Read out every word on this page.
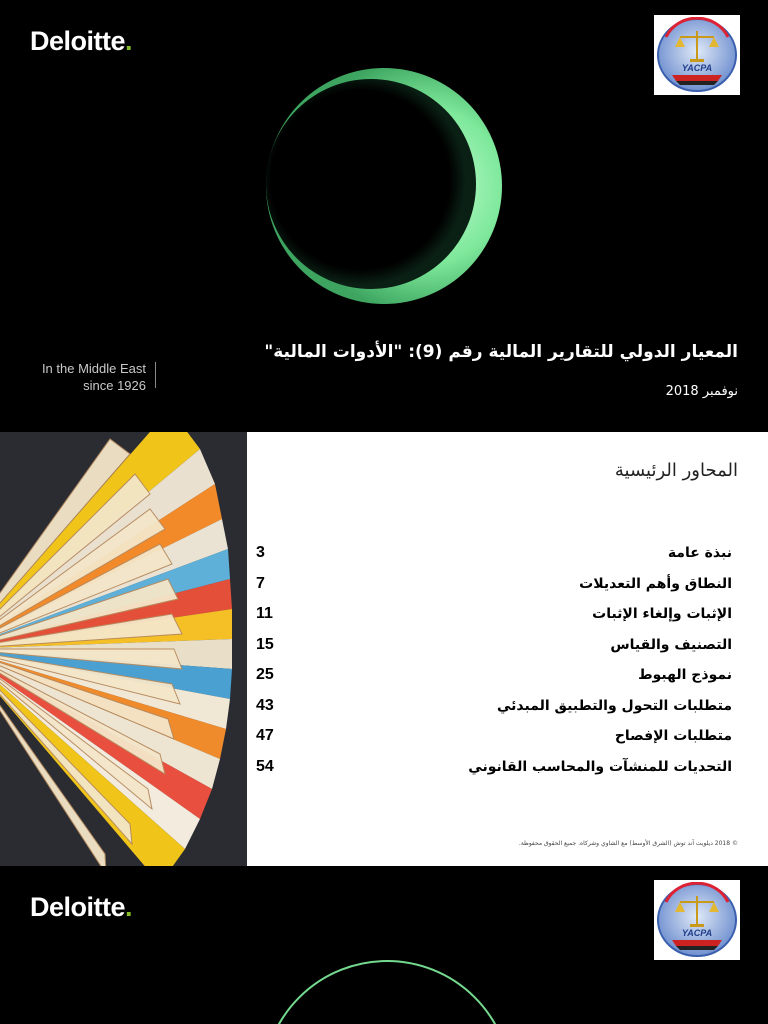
Deloitte.
YACPA
In the Middle East
since 1926
المعيار الدولي للتقارير المالية رقم (9): "الأدوات المالية"
نوفمبر 2018
المحاور الرئيسية
3	نبذة عامة
7	النطاق وأهم التعديلات
11	الإثبات وإلغاء الإثبات
15	التصنيف والقياس
25	نموذج الهبوط
43	متطلبات التحول والتطبيق المبدئي
47	متطلبات الإفصاح
54	التحديات للمنشآت والمحاسب القانوني
© 2018 ديلويت آند توش (الشرق الأوسط) مع الشاوي وشركاه. جميع الحقوق محفوظة.
Deloitte.
YACPA
